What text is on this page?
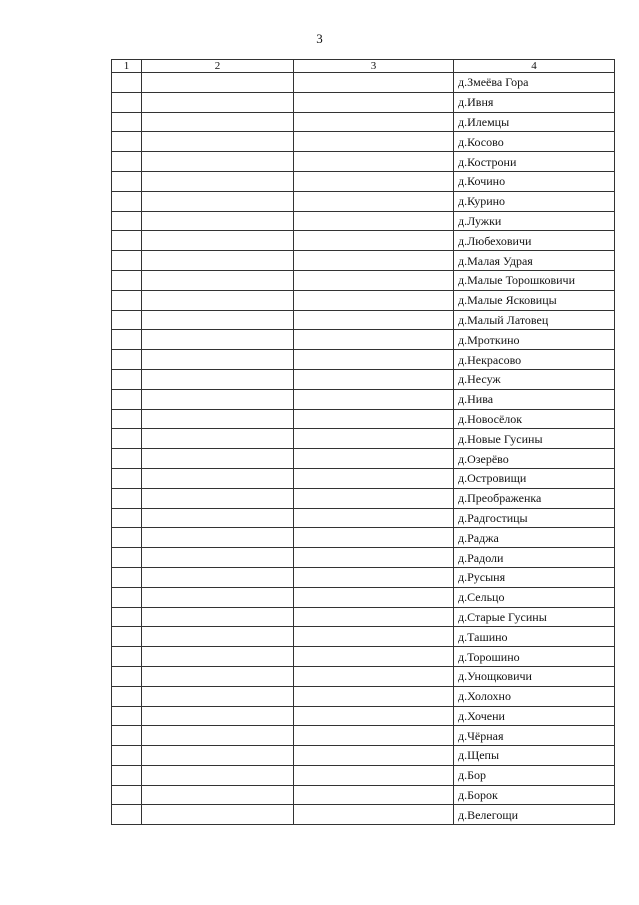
3
1	2	3	4
			д.Змеёва Гора
			д.Ивня
			д.Илемцы
			д.Косово
			д.Кострони
			д.Кочино
			д.Курино
			д.Лужки
			д.Любеховичи
			д.Малая Удрая
			д.Малые Торошковичи
			д.Малые Ясковицы
			д.Малый Латовец
			д.Мроткино
			д.Некрасово
			д.Несуж
			д.Нива
			д.Новосёлок
			д.Новые Гусины
			д.Озерёво
			д.Островищи
			д.Преображенка
			д.Радгостицы
			д.Раджа
			д.Радоли
			д.Русыня
			д.Сельцо
			д.Старые Гусины
			д.Ташино
			д.Торошино
			д.Унощковичи
			д.Холохно
			д.Хочени
			д.Чёрная
			д.Щепы
			д.Бор
			д.Борок
			д.Велегощи
